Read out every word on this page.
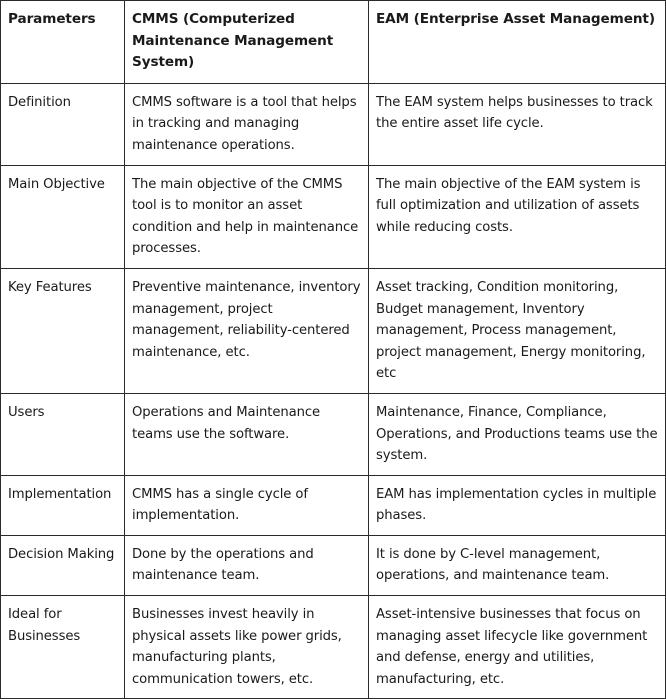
Parameters	CMMS (Computerized Maintenance Management System)	EAM (Enterprise Asset Management)
Definition	CMMS software is a tool that helps in tracking and managing maintenance operations.	The EAM system helps businesses to track the entire asset life cycle.
Main Objective	The main objective of the CMMS tool is to monitor an asset condition and help in maintenance processes.	The main objective of the EAM system is full optimization and utilization of assets while reducing costs.
Key Features	Preventive maintenance, inventory management, project management, reliability-centered maintenance, etc.	Asset tracking, Condition monitoring, Budget management, Inventory management, Process management, project management, Energy monitoring, etc
Users	Operations and Maintenance teams use the software.	Maintenance, Finance, Compliance, Operations, and Productions teams use the system.
Implementation	CMMS has a single cycle of implementation.	EAM has implementation cycles in multiple phases.
Decision Making	Done by the operations and maintenance team.	It is done by C-level management, operations, and maintenance team.
Ideal for Businesses	Businesses invest heavily in physical assets like power grids, manufacturing plants, communication towers, etc.	Asset-intensive businesses that focus on managing asset lifecycle like government and defense, energy and utilities, manufacturing, etc.
